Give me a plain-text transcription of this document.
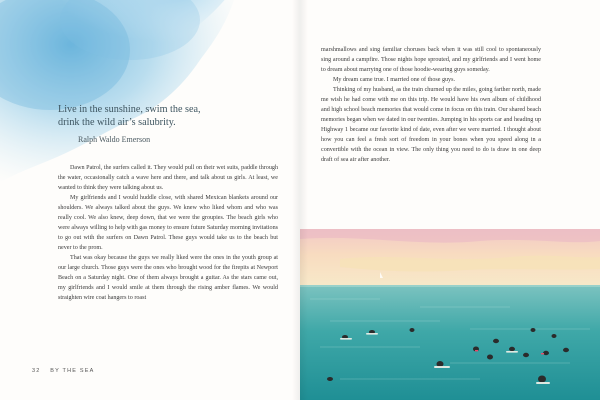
Live in the sunshine, swim the sea,
drink the wild air’s salubrity.

Ralph Waldo Emerson

Dawn Patrol, the surfers called it. They would pull on their wet suits, paddle through the water, occasionally catch a wave here and there, and talk about us girls. At least, we wanted to think they were talking about us.

My girlfriends and I would huddle close, with shared Mexican blankets around our shoulders. We always talked about the guys. We knew who liked whom and who was really cool. We also knew, deep down, that we were the groupies. The beach girls who were always willing to help with gas money to ensure future Saturday morning invitations to go out with the surfers on Dawn Patrol. These guys would take us to the beach but never to the prom.

That was okay because the guys we really liked were the ones in the youth group at our large church. Those guys were the ones who brought wood for the firepits at Newport Beach on a Saturday night. One of them always brought a guitar. As the stars came out, my girlfriends and I would smile at them through the rising amber flames. We would straighten wire coat hangers to roast

32 BY THE SEA

marshmallows and sing familiar choruses back when it was still cool to spontaneously sing around a campfire. Those nights hope sprouted, and my girlfriends and I went home to dream about marrying one of those hoodie-wearing guys someday.

My dream came true. I married one of those guys.

Thinking of my husband, as the train churned up the miles, going farther north, made me wish he had come with me on this trip. He would have his own album of childhood and high school beach memories that would come in focus on this train. Our shared beach memories began when we dated in our twenties. Jumping in his sports car and heading up Highway 1 became our favorite kind of date, even after we were married. I thought about how you can feel a fresh sort of freedom in your bones when you speed along in a convertible with the ocean in view. The only thing you need to do is draw in one deep draft of sea air after another.
